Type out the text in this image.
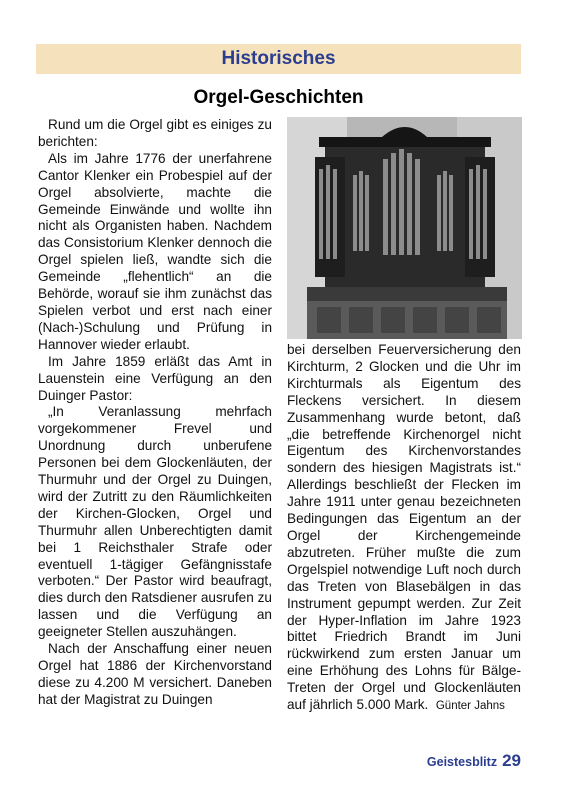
Historisches
Orgel-Geschichten

Rund um die Orgel gibt es einiges zu berichten:

Als im Jahre 1776 der unerfahrene Cantor Klenker ein Probespiel auf der Orgel absolvierte, machte die Gemeinde Einwände und wollte ihn nicht als Organisten haben. Nachdem das Consistorium Klenker dennoch die Orgel spielen ließ, wandte sich die Gemeinde „flehentlich“ an die Behörde, worauf sie ihm zunächst das Spielen verbot und erst nach einer (Nach-)Schulung und Prüfung in Hannover wieder erlaubt.

Im Jahre 1859 erläßt das Amt in Lauenstein eine Verfügung an den Duinger Pastor:

„In Veranlassung mehrfach vorgekommener Frevel und Unordnung durch unberufene Personen bei dem Glockenläuten, der Thurmuhr und der Orgel zu Duingen, wird der Zutritt zu den Räumlichkeiten der Kirchen-Glocken, Orgel und Thurmuhr allen Unberechtigten damit bei 1 Reichsthaler Strafe oder eventuell 1-tägiger Gefängnisstafe verboten.“ Der Pastor wird beaufragt, dies durch den Ratsdiener ausrufen zu lassen und die Verfügung an geeigneter Stellen auszuhängen.

Nach der Anschaffung einer neuen Orgel hat 1886 der Kirchenvorstand diese zu 4.200 M versichert. Daneben hat der Magistrat zu Duingen

bei derselben Feuerversicherung den Kirchturm, 2 Glocken und die Uhr im Kirchturmals als Eigentum des Fleckens versichert. In diesem Zusammenhang wurde betont, daß „die betreffende Kirchenorgel nicht Eigentum des Kirchenvorstandes sondern des hiesigen Magistrats ist.“ Allerdings beschließt der Flecken im Jahre 1911 unter genau bezeichneten Bedingungen das Eigentum an der Orgel der Kirchengemeinde abzutreten. Früher mußte die zum Orgelspiel notwendige Luft noch durch das Treten von Blasebälgen in das Instrument gepumpt werden. Zur Zeit der Hyper-Inflation im Jahre 1923 bittet Friedrich Brandt im Juni rückwirkend zum ersten Januar um eine Erhöhung des Lohns für Bälge-Treten der Orgel und Glockenläuten auf jährlich 5.000 Mark. Günter Jahns

Geistesblitz 29
